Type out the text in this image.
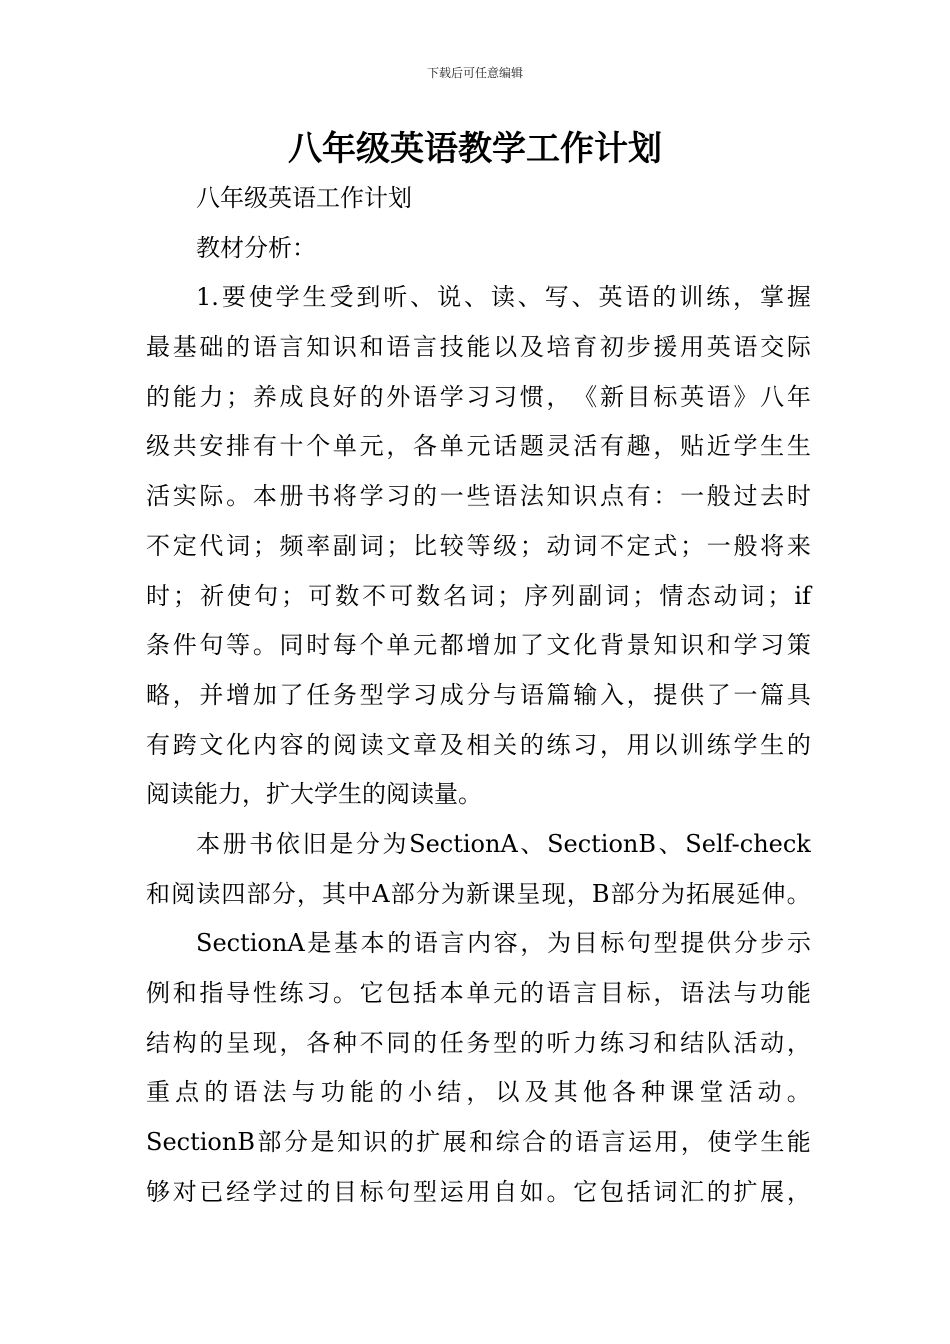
下载后可任意编辑
八年级英语教学工作计划
八年级英语工作计划
教材分析：
1. 要 使 学 生 受 到 听 、 说 、 读 、 写 、 英 语 的 训 练 ， 掌 握
最 基 础 的 语 言 知 识 和 语 言 技 能 以 及 培 育 初 步 援 用 英 语 交 际
的 能 力 ； 养 成 良 好 的 外 语 学 习 习 惯 ， 《 新 目 标 英 语 》 八 年
级 共 安 排 有 十 个 单 元 ， 各 单 元 话 题 灵 活 有 趣 ， 贴 近 学 生 生
活 实 际 。 本 册 书 将 学 习 的 一 些 语 法 知 识 点 有 ： 一 般 过 去 时
不 定 代 词 ； 频 率 副 词 ； 比 较 等 级 ； 动 词 不 定 式 ； 一 般 将 来
时 ； 祈 使 句 ； 可 数 不 可 数 名 词 ； 序 列 副 词 ； 情 态 动 词 ； if
条 件 句 等 。 同 时 每 个 单 元 都 增 加 了 文 化 背 景 知 识 和 学 习 策
略 ， 并 增 加 了 任 务 型 学 习 成 分 与 语 篇 输 入 ， 提 供 了 一 篇 具
有 跨 文 化 内 容 的 阅 读 文 章 及 相 关 的 练 习 ， 用 以 训 练 学 生 的
阅读能力，扩大学生的阅读量。
本 册 书 依 旧 是 分 为 SectionA 、 SectionB 、 Self-check
和 阅 读 四 部 分 ， 其 中 A 部 分 为 新 课 呈 现 ， B 部 分 为 拓 展 延 伸 。
SectionA 是 基 本 的 语 言 内 容 ， 为 目 标 句 型 提 供 分 步 示
例 和 指 导 性 练 习 。 它 包 括 本 单 元 的 语 言 目 标 ， 语 法 与 功 能
结 构 的 呈 现 ， 各 种 不 同 的 任 务 型 的 听 力 练 习 和 结 队 活 动 ，
重 点 的 语 法 与 功 能 的 小 结 ， 以 及 其 他 各 种 课 堂 活 动 。
SectionB 部 分 是 知 识 的 扩 展 和 综 合 的 语 言 运 用 ， 使 学 生 能
够 对 已 经 学 过 的 目 标 句 型 运 用 自 如 。 它 包 括 词 汇 的 扩 展 ，
